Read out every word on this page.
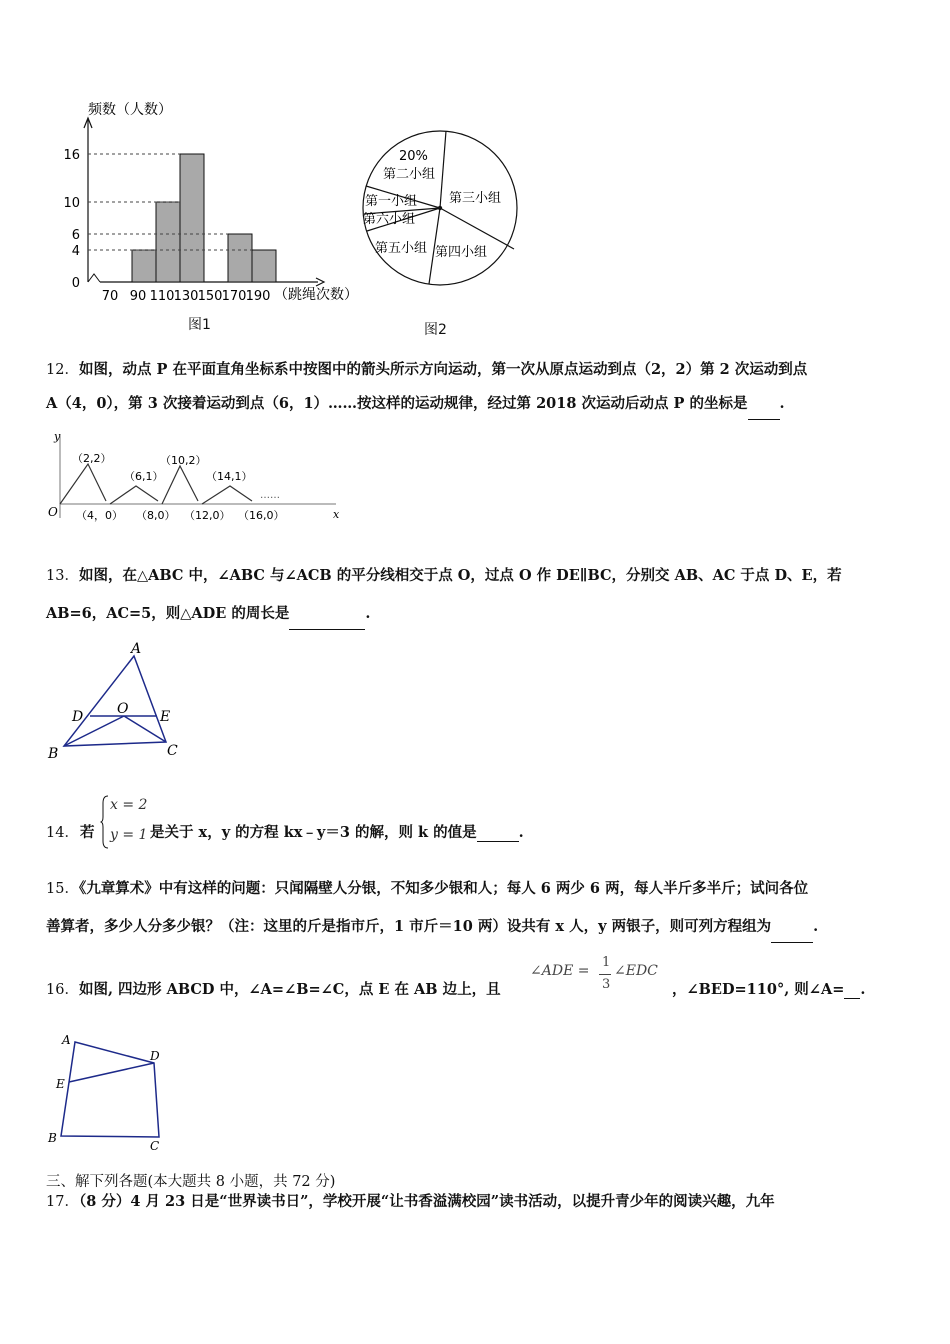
0
4
6
10
16
70 90 110 130 150 170 190
频数（人数）
（跳绳次数）
图1
20%
第二小组
第三小组
第一小组
第六小组
第五小组 第四小组
图2
12．如图，动点 P 在平面直角坐标系中按图中的箭头所示方向运动，第一次从原点运动到点（2，2）第 2 次运动到点
A（4，0），第 3 次接着运动到点（6，1）……按这样的运动规律，经过第 2018 次运动后动点 P 的坐标是 .
y
x
O
（2,2）
（6,1）
（10,2）
（14,1）
（4，0） （8,0） （12,0） （16,0）
……
13．如图，在△ABC 中，∠ABC 与∠ACB 的平分线相交于点 O，过点 O 作 DE∥BC，分别交 AB、AC 于点 D、E，若
AB=6，AC=5，则△ADE 的周长是	.
A
B	C
D	E
O
14． 若
x = 2
y = 1 是关于 x，y 的方程 kx﹣y＝3 的解，则 k 的值是	.
15．《九章算术》中有这样的问题：只闻隔壁人分银，不知多少银和人；每人 6 两少 6 两，每人半斤多半斤；试问各位
善算者，多少人分多少银？（注：这里的斤是指市斤，1 市斤＝10 两）设共有 x 人，y 两银子，则可列方程组为	.
16．如图, 四边形 ABCD 中，∠A=∠B=∠C，点 E 在 AB 边上，且
∠ADE =
1
3
∠EDC
，∠BED=110°, 则∠A= .
A
B
C
D
E
三、解下列各题(本大题共 8 小题，共 72 分)
17．（8 分）4 月 23 日是“世界读书日”，学校开展“让书香溢满校园”读书活动，以提升青少年的阅读兴趣，九年
